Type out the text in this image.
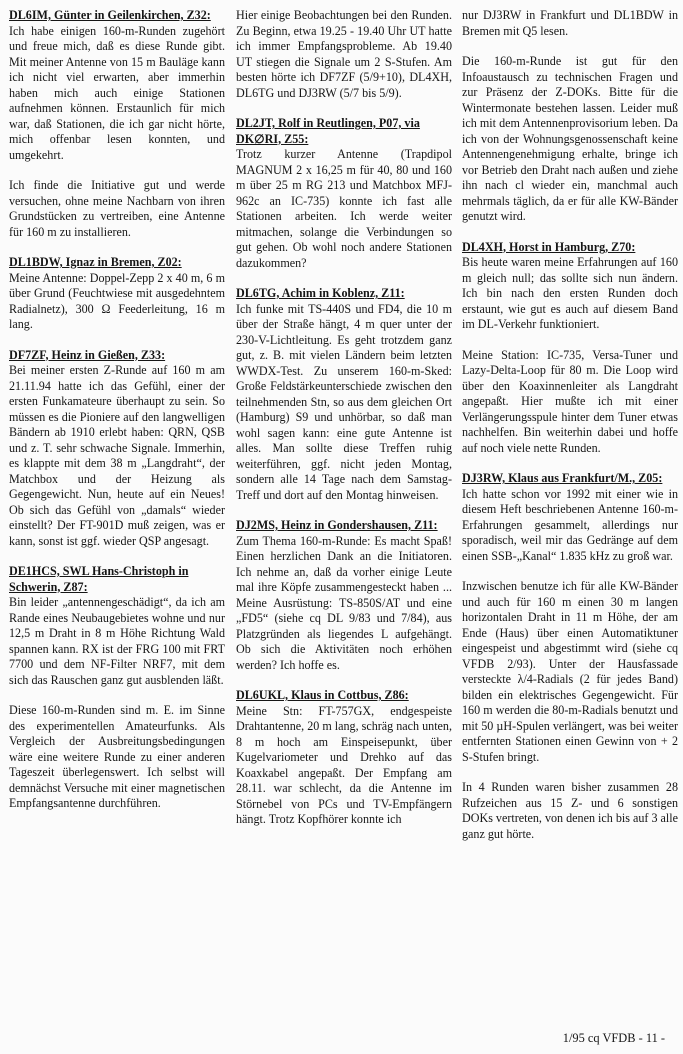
DL6IM, Günter in Geilenkirchen, Z32:

Ich habe einigen 160-m-Runden zugehört und freue mich, daß es diese Runde gibt. Mit meiner Antenne von 15 m Bauläge kann ich nicht viel erwarten, aber immerhin haben mich auch einige Stationen aufnehmen können. Erstaunlich für mich war, daß Stationen, die ich gar nicht hörte, mich offenbar lesen konnten, und umgekehrt.

Ich finde die Initiative gut und werde versuchen, ohne meine Nachbarn von ihren Grundstücken zu vertreiben, eine Antenne für 160 m zu installieren.

DL1BDW, Ignaz in Bremen, Z02:

Meine Antenne: Doppel-Zepp 2 x 40 m, 6 m über Grund (Feuchtwiese mit ausgedehntem Radialnetz), 300 Ω Feederleitung, 16 m lang.

DF7ZF, Heinz in Gießen, Z33:

Bei meiner ersten Z-Runde auf 160 m am 21.11.94 hatte ich das Gefühl, einer der ersten Funkamateure überhaupt zu sein. So müssen es die Pioniere auf den langwelligen Bändern ab 1910 erlebt haben: QRN, QSB und z. T. sehr schwache Signale. Immerhin, es klappte mit dem 38 m „Langdraht“, der Matchbox und der Heizung als Gegengewicht. Nun, heute auf ein Neues! Ob sich das Gefühl von „damals“ wieder einstellt? Der FT-901D muß zeigen, was er kann, sonst ist ggf. wieder QSP angesagt.

DE1HCS, SWL Hans-Christoph in Schwerin, Z87:

Bin leider „antennengeschädigt“, da ich am Rande eines Neubaugebietes wohne und nur 12,5 m Draht in 8 m Höhe Richtung Wald spannen kann. RX ist der FRG 100 mit FRT 7700 und dem NF-Filter NRF7, mit dem sich das Rauschen ganz gut ausblenden läßt.

Diese 160-m-Runden sind m. E. im Sinne des experimentellen Amateurfunks. Als Vergleich der Ausbreitungsbedingungen wäre eine weitere Runde zu einer anderen Tageszeit überlegenswert. Ich selbst will demnächst Versuche mit einer magnetischen Empfangsantenne durchführen.

Hier einige Beobachtungen bei den Runden. Zu Beginn, etwa 19.25 - 19.40 Uhr UT hatte ich immer Empfangsprobleme. Ab 19.40 UT stiegen die Signale um 2 S-Stufen. Am besten hörte ich DF7ZF (5/9+10), DL4XH, DL6TG und DJ3RW (5/7 bis 5/9).

DL2JT, Rolf in Reutlingen, P07, via DK∅RI, Z55:

Trotz kurzer Antenne (Trapdipol MAGNUM 2 x 16,25 m für 40, 80 und 160 m über 25 m RG 213 und Matchbox MFJ-962c an IC-735) konnte ich fast alle Stationen arbeiten. Ich werde weiter mitmachen, solange die Verbindungen so gut gehen. Ob wohl noch andere Stationen dazukommen?

DL6TG, Achim in Koblenz, Z11:

Ich funke mit TS-440S und FD4, die 10 m über der Straße hängt, 4 m quer unter der 230-V-Lichtleitung. Es geht trotzdem ganz gut, z. B. mit vielen Ländern beim letzten WWDX-Test. Zu unserem 160-m-Sked: Große Feldstärkeunterschiede zwischen den teilnehmenden Stn, so aus dem gleichen Ort (Hamburg) S9 und unhörbar, so daß man wohl sagen kann: eine gute Antenne ist alles. Man sollte diese Treffen ruhig weiterführen, ggf. nicht jeden Montag, sondern alle 14 Tage nach dem Samstag-Treff und dort auf den Montag hinweisen.

DJ2MS, Heinz in Gondershausen, Z11:

Zum Thema 160-m-Runde: Es macht Spaß! Einen herzlichen Dank an die Initiatoren. Ich nehme an, daß da vorher einige Leute mal ihre Köpfe zusammengesteckt haben ... Meine Ausrüstung: TS-850S/AT und eine „FD5“ (siehe cq DL 9/83 und 7/84), aus Platzgründen als liegendes L aufgehängt. Ob sich die Aktivitäten noch erhöhen werden? Ich hoffe es.

DL6UKL, Klaus in Cottbus, Z86:

Meine Stn: FT-757GX, endgespeiste Drahtantenne, 20 m lang, schräg nach unten, 8 m hoch am Einspeisepunkt, über Kugelvariometer und Drehko auf das Koaxkabel angepaßt. Der Empfang am 28.11. war schlecht, da die Antenne im Störnebel von PCs und TV-Empfängern hängt. Trotz Kopfhörer konnte ich

nur DJ3RW in Frankfurt und DL1BDW in Bremen mit Q5 lesen.

Die 160-m-Runde ist gut für den Infoaustausch zu technischen Fragen und zur Präsenz der Z-DOKs. Bitte für die Wintermonate bestehen lassen. Leider muß ich mit dem Antennenprovisorium leben. Da ich von der Wohnungsgenossenschaft keine Antennengenehmigung erhalte, bringe ich vor Betrieb den Draht nach außen und ziehe ihn nach cl wieder ein, manchmal auch mehrmals täglich, da er für alle KW-Bänder genutzt wird.

DL4XH, Horst in Hamburg, Z70:

Bis heute waren meine Erfahrungen auf 160 m gleich null; das sollte sich nun ändern. Ich bin nach den ersten Runden doch erstaunt, wie gut es auch auf diesem Band im DL-Verkehr funktioniert.

Meine Station: IC-735, Versa-Tuner und Lazy-Delta-Loop für 80 m. Die Loop wird über den Koaxinnenleiter als Langdraht angepaßt. Hier mußte ich mit einer Verlängerungsspule hinter dem Tuner etwas nachhelfen. Bin weiterhin dabei und hoffe auf noch viele nette Runden.

DJ3RW, Klaus aus Frankfurt/M., Z05:

Ich hatte schon vor 1992 mit einer wie in diesem Heft beschriebenen Antenne 160-m-Erfahrungen gesammelt, allerdings nur sporadisch, weil mir das Gedränge auf dem einen SSB-„Kanal“ 1.835 kHz zu groß war.

Inzwischen benutze ich für alle KW-Bänder und auch für 160 m einen 30 m langen horizontalen Draht in 11 m Höhe, der am Ende (Haus) über einen Automatiktuner eingespeist und abgestimmt wird (siehe cq VFDB 2/93). Unter der Hausfassade versteckte λ/4-Radials (2 für jedes Band) bilden ein elektrisches Gegengewicht. Für 160 m werden die 80-m-Radials benutzt und mit 50 µH-Spulen verlängert, was bei weiter entfernten Stationen einen Gewinn von + 2 S-Stufen bringt.

In 4 Runden waren bisher zusammen 28 Rufzeichen aus 15 Z- und 6 sonstigen DOKs vertreten, von denen ich bis auf 3 alle ganz gut hörte.

1/95 cq VFDB - 11 -
